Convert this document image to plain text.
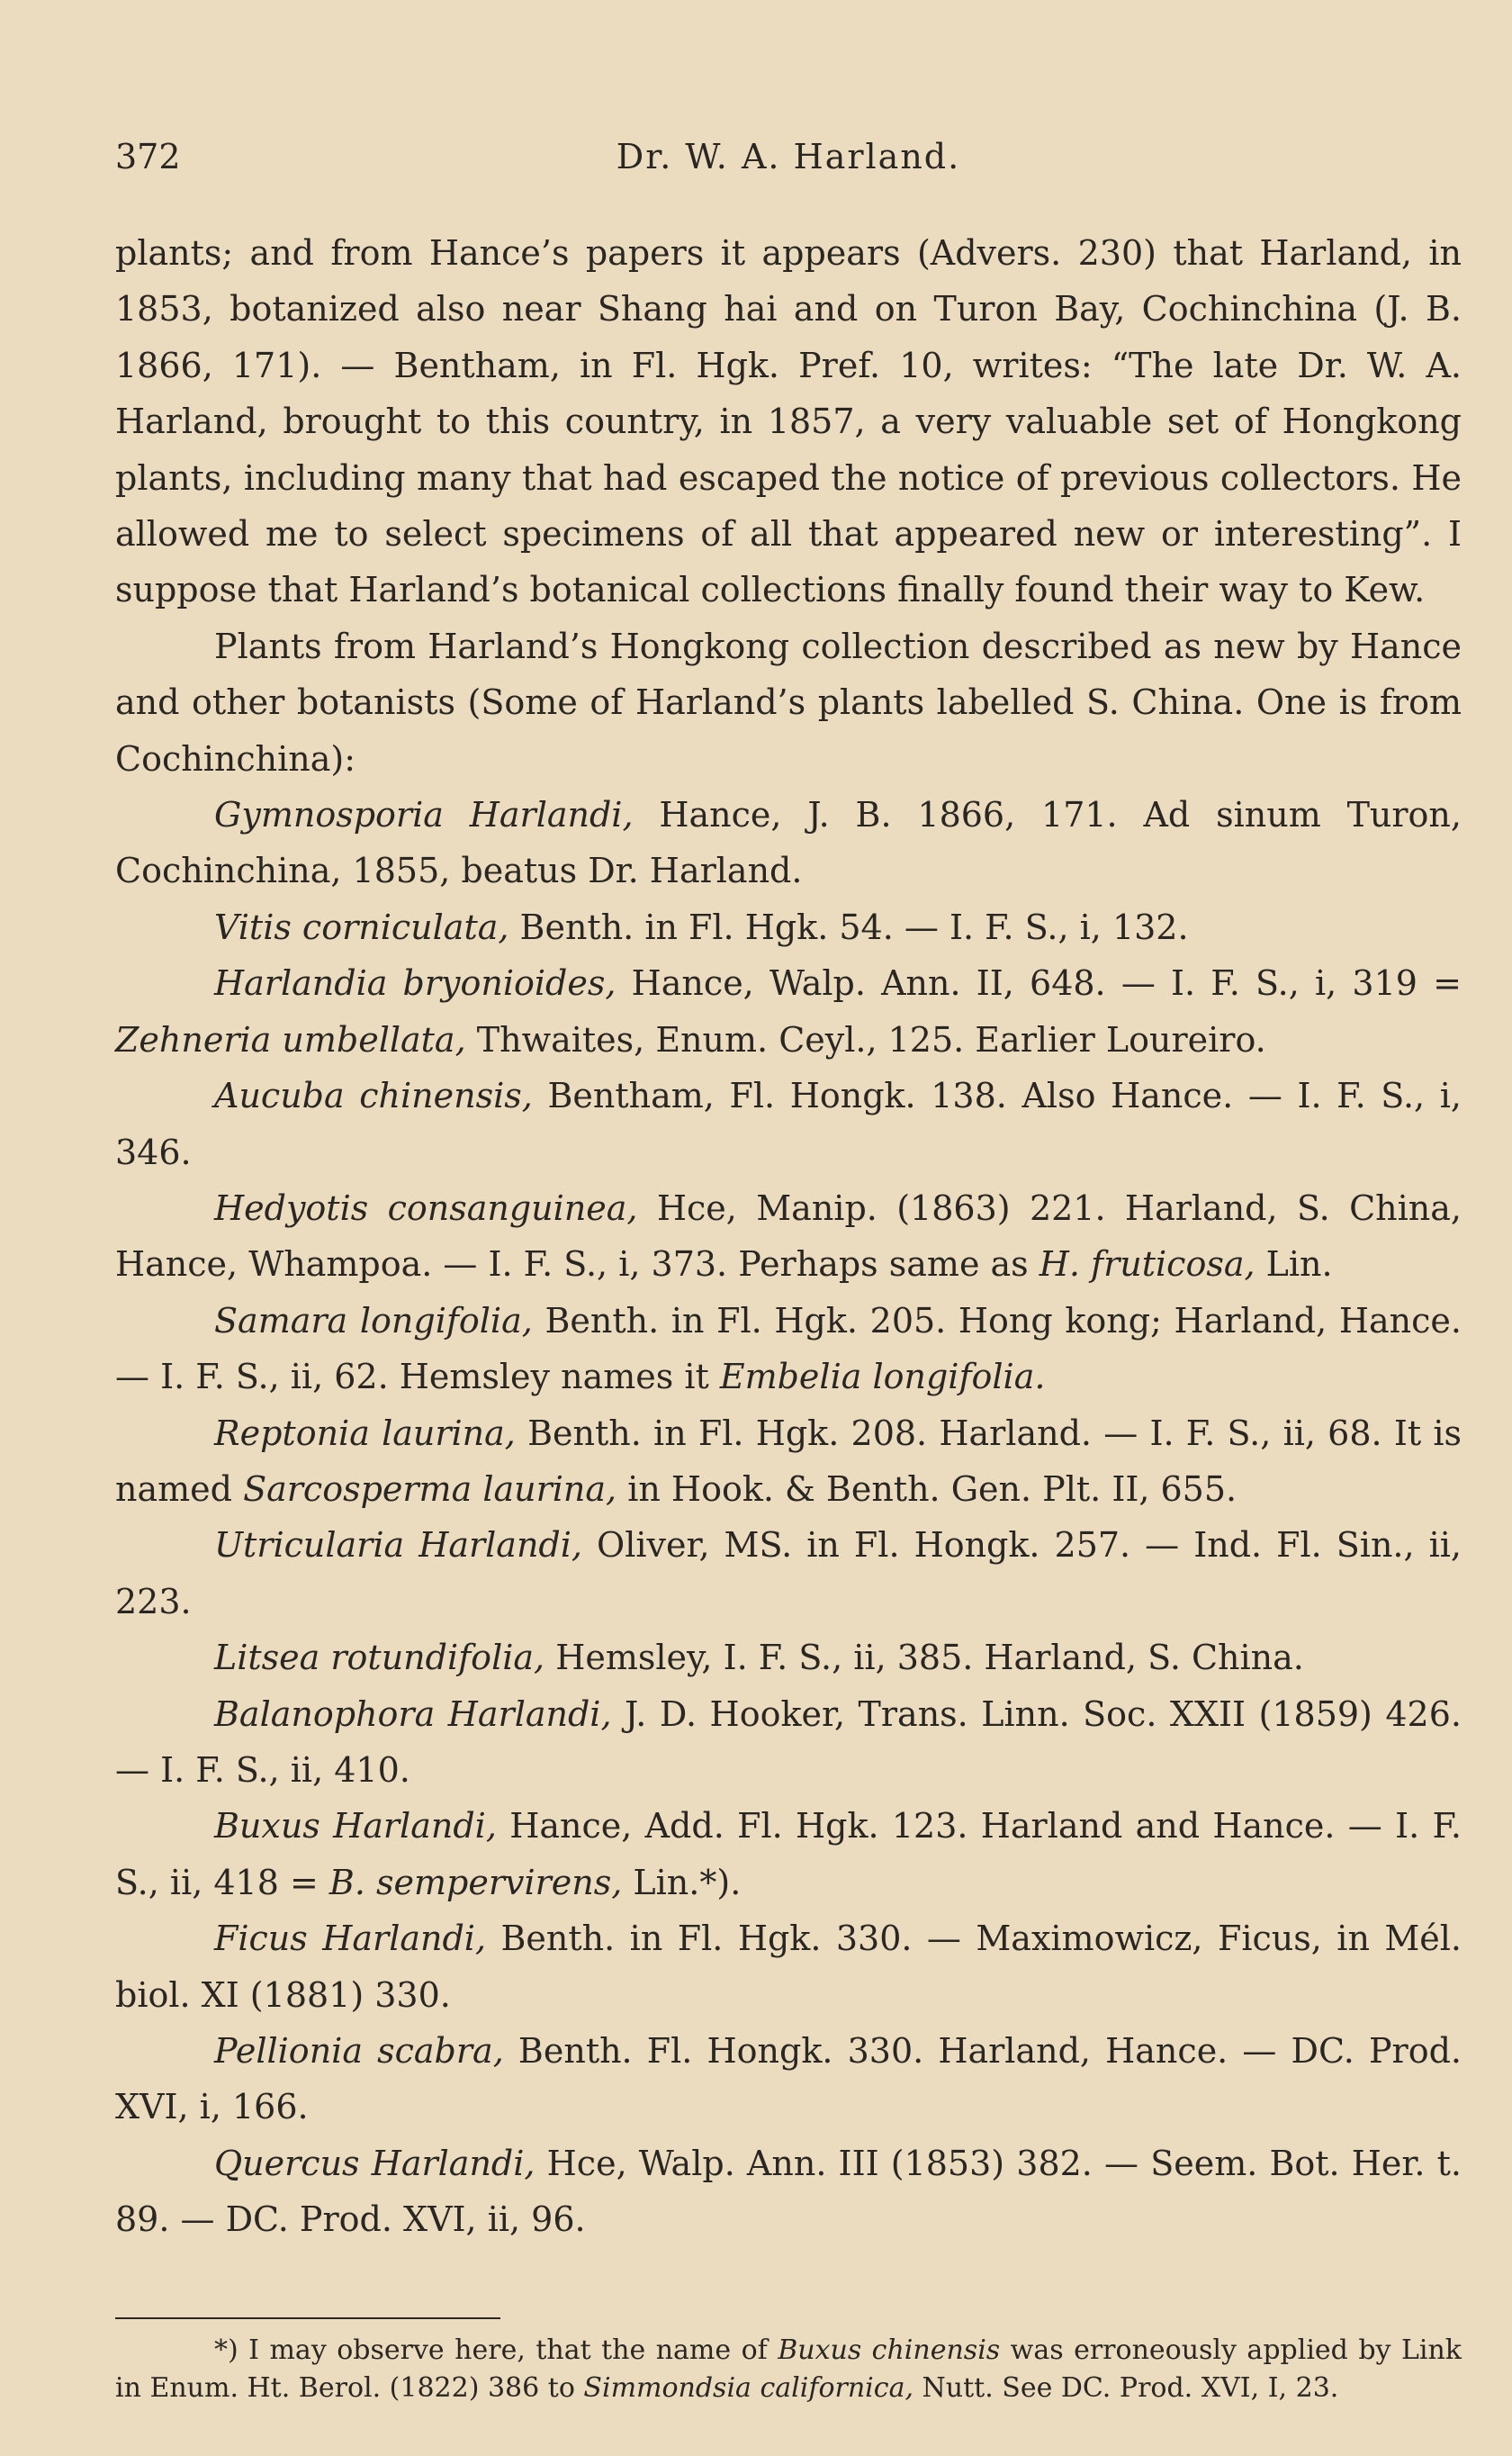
372	Dr. W. A. Harland.

plants; and from Hance’s papers it appears (Advers. 230) that Harland, in 1853, botanized also near Shang hai and on Turon Bay, Cochinchina (J. B. 1866, 171). — Bentham, in Fl. Hgk. Pref. 10, writes: “The late Dr. W. A. Harland, brought to this country, in 1857, a very valuable set of Hongkong plants, including many that had escaped the notice of previous collectors. He allowed me to select specimens of all that appeared new or interesting”. I suppose that Harland’s botanical collections finally found their way to Kew.

Plants from Harland’s Hongkong collection described as new by Hance and other botanists (Some of Harland’s plants labelled S. China. One is from Cochinchina):

Gymnosporia Harlandi, Hance, J. B. 1866, 171. Ad sinum Turon, Cochinchina, 1855, beatus Dr. Harland.

Vitis corniculata, Benth. in Fl. Hgk. 54. — I. F. S., i, 132.

Harlandia bryonioides, Hance, Walp. Ann. II, 648. — I. F. S., i, 319 = Zehneria umbellata, Thwaites, Enum. Ceyl., 125. Earlier Loureiro.

Aucuba chinensis, Bentham, Fl. Hongk. 138. Also Hance. — I. F. S., i, 346.

Hedyotis consanguinea, Hce, Manip. (1863) 221. Harland, S. China, Hance, Whampoa. — I. F. S., i, 373. Perhaps same as H. fruticosa, Lin.

Samara longifolia, Benth. in Fl. Hgk. 205. Hong kong; Harland, Hance. — I. F. S., ii, 62. Hemsley names it Embelia longifolia.

Reptonia laurina, Benth. in Fl. Hgk. 208. Harland. — I. F. S., ii, 68. It is named Sarcosperma laurina, in Hook. & Benth. Gen. Plt. II, 655.

Utricularia Harlandi, Oliver, MS. in Fl. Hongk. 257. — Ind. Fl. Sin., ii, 223.

Litsea rotundifolia, Hemsley, I. F. S., ii, 385. Harland, S. China.

Balanophora Harlandi, J. D. Hooker, Trans. Linn. Soc. XXII (1859) 426. — I. F. S., ii, 410.

Buxus Harlandi, Hance, Add. Fl. Hgk. 123. Harland and Hance. — I. F. S., ii, 418 = B. sempervirens, Lin.*).

Ficus Harlandi, Benth. in Fl. Hgk. 330. — Maximowicz, Ficus, in Mél. biol. XI (1881) 330.

Pellionia scabra, Benth. Fl. Hongk. 330. Harland, Hance. — DC. Prod. XVI, i, 166.

Quercus Harlandi, Hce, Walp. Ann. III (1853) 382. — Seem. Bot. Her. t. 89. — DC. Prod. XVI, ii, 96.

*) I may observe here, that the name of Buxus chinensis was erroneously applied by Link in Enum. Ht. Berol. (1822) 386 to Simmondsia californica, Nutt. See DC. Prod. XVI, I, 23.
